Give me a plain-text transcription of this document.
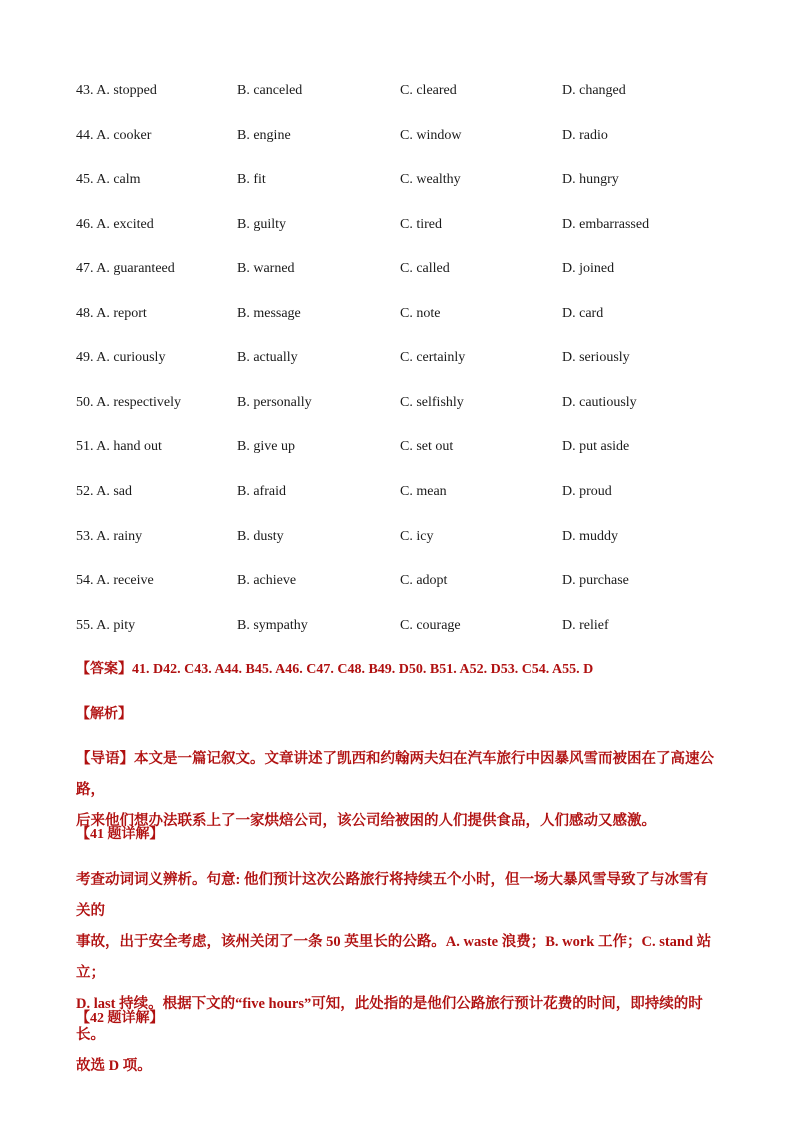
43. A. stopped	B. canceled	C. cleared	D. changed
44. A. cooker	B. engine	C. window	D. radio
45. A. calm	B. fit	C. wealthy	D. hungry
46. A. excited	B. guilty	C. tired	D. embarrassed
47. A. guaranteed	B. warned	C. called	D. joined
48. A. report	B. message	C. note	D. card
49. A. curiously	B. actually	C. certainly	D. seriously
50. A. respectively	B. personally	C. selfishly	D. cautiously
51. A. hand out	B. give up	C. set out	D. put aside
52. A. sad	B. afraid	C. mean	D. proud
53. A. rainy	B. dusty	C. icy	D. muddy
54. A. receive	B. achieve	C. adopt	D. purchase
55. A. pity	B. sympathy	C. courage	D. relief
【答案】41. D42. C43. A44. B45. A46. C47. C48. B49. D50. B51. A52. D53. C54. A55. D
【解析】
【导语】本文是一篇记叙文。文章讲述了凯西和约翰两夫妇在汽车旅行中因暴风雪而被困在了高速公路，
后来他们想办法联系上了一家烘焙公司，该公司给被困的人们提供食品，人们感动又感激。
【41 题详解】
考查动词词义辨析。句意: 他们预计这次公路旅行将持续五个小时，但一场大暴风雪导致了与冰雪有关的
事故，出于安全考虑，该州关闭了一条 50 英里长的公路。A. waste 浪费；B. work 工作；C. stand 站立；
D. last 持续。根据下文的“five hours”可知，此处指的是他们公路旅行预计花费的时间，即持续的时长。
故选 D 项。
【42 题详解】
